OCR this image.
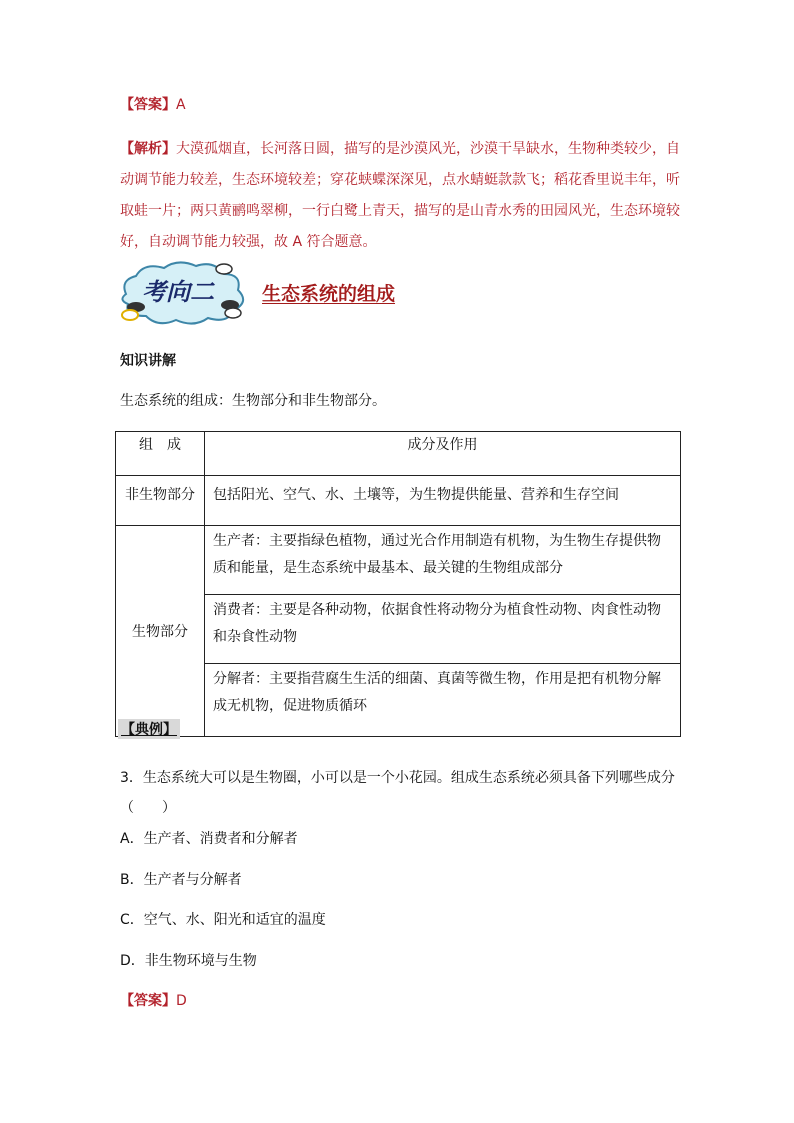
【答案】A
【解析】大漠孤烟直，长河落日圆，描写的是沙漠风光，沙漠干旱缺水，生物种类较少，自动调节能力较差，生态环境较差；穿花蛱蝶深深见，点水蜻蜓款款飞；稻花香里说丰年，听取蛙一片；两只黄鹂鸣翠柳，一行白鹭上青天，描写的是山青水秀的田园风光，生态环境较好，自动调节能力较强，故 A 符合题意。
考向二	生态系统的组成
知识讲解
生态系统的组成：生物部分和非生物部分。
组　成	成分及作用
非生物部分	包括阳光、空气、水、土壤等，为生物提供能量、营养和生存空间
生物部分	生产者：主要指绿色植物，通过光合作用制造有机物，为生物生存提供物质和能量，是生态系统中最基本、最关键的生物组成部分
消费者：主要是各种动物，依据食性将动物分为植食性动物、肉食性动物和杂食性动物
分解者：主要指营腐生生活的细菌、真菌等微生物，作用是把有机物分解成无机物，促进物质循环
【典例】
3．生态系统大可以是生物圈，小可以是一个小花园。组成生态系统必须具备下列哪些成分（　　）
A．生产者、消费者和分解者
B．生产者与分解者
C．空气、水、阳光和适宜的温度
D．非生物环境与生物
【答案】D
